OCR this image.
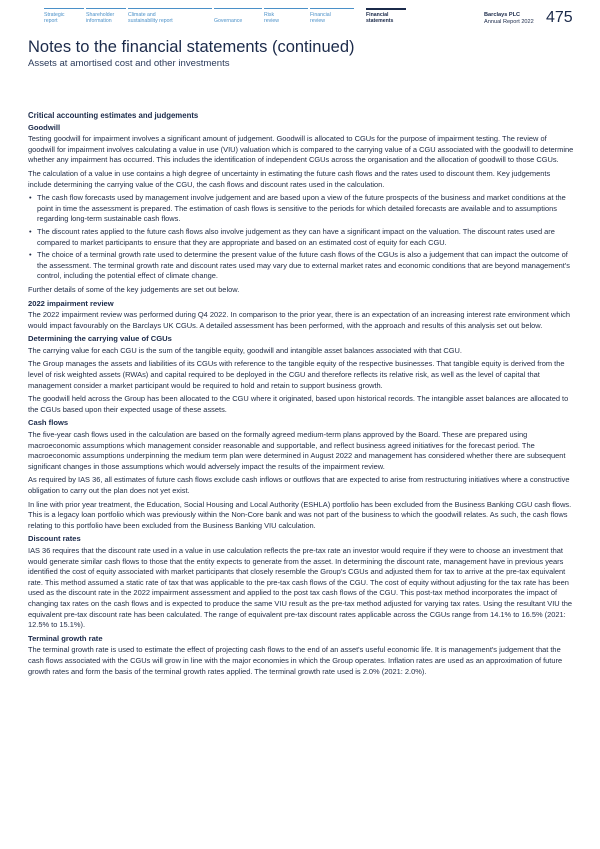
Strategic
report
Shareholder
information
Climate and
sustainability report
	Governance
Risk
review
Financial
review
Financial
statements
Barclays PLC
Annual Report 2022 475
Notes to the financial statements (continued)
Assets at amortised cost and other investments
Critical accounting estimates and judgements
Goodwill

Testing goodwill for impairment involves a significant amount of judgement. Goodwill is allocated to CGUs for the purpose of impairment testing. The review of goodwill for impairment involves calculating a value in use (VIU) valuation which is compared to the carrying value of a CGU associated with the goodwill to determine whether any impairment has occurred. This includes the identification of independent CGUs across the organisation and the allocation of goodwill to those CGUs.

The calculation of a value in use contains a high degree of uncertainty in estimating the future cash flows and the rates used to discount them. Key judgements include determining the carrying value of the CGU, the cash flows and discount rates used in the calculation.

• The cash flow forecasts used by management involve judgement and are based upon a view of the future prospects of the business and market conditions at the point in time the assessment is prepared. The estimation of cash flows is sensitive to the periods for which detailed forecasts are available and to assumptions regarding long-term sustainable cash flows.
• The discount rates applied to the future cash flows also involve judgement as they can have a significant impact on the valuation. The discount rates used are compared to market participants to ensure that they are appropriate and based on an estimated cost of equity for each CGU.
• The choice of a terminal growth rate used to determine the present value of the future cash flows of the CGUs is also a judgement that can impact the outcome of the assessment. The terminal growth rate and discount rates used may vary due to external market rates and economic conditions that are beyond management's control, including the potential effect of climate change.

Further details of some of the key judgements are set out below.

2022 impairment review

The 2022 impairment review was performed during Q4 2022. In comparison to the prior year, there is an expectation of an increasing interest rate environment which would impact favourably on the Barclays UK CGUs. A detailed assessment has been performed, with the approach and results of this analysis set out below.

Determining the carrying value of CGUs

The carrying value for each CGU is the sum of the tangible equity, goodwill and intangible asset balances associated with that CGU.

The Group manages the assets and liabilities of its CGUs with reference to the tangible equity of the respective businesses. That tangible equity is derived from the level of risk weighted assets (RWAs) and capital required to be deployed in the CGU and therefore reflects its relative risk, as well as the level of capital that management consider a market participant would be required to hold and retain to support business growth.

The goodwill held across the Group has been allocated to the CGU where it originated, based upon historical records. The intangible asset balances are allocated to the CGUs based upon their expected usage of these assets.

Cash flows

The five-year cash flows used in the calculation are based on the formally agreed medium-term plans approved by the Board. These are prepared using macroeconomic assumptions which management consider reasonable and supportable, and reflect business agreed initiatives for the forecast period. The macroeconomic assumptions underpinning the medium term plan were determined in August 2022 and management has considered whether there are subsequent significant changes in those assumptions which would adversely impact the results of the impairment review.

As required by IAS 36, all estimates of future cash flows exclude cash inflows or outflows that are expected to arise from restructuring initiatives where a constructive obligation to carry out the plan does not yet exist.

In line with prior year treatment, the Education, Social Housing and Local Authority (ESHLA) portfolio has been excluded from the Business Banking CGU cash flows. This is a legacy loan portfolio which was previously within the Non-Core bank and was not part of the business to which the goodwill relates. As such, the cash flows relating to this portfolio have been excluded from the Business Banking VIU calculation.

Discount rates

IAS 36 requires that the discount rate used in a value in use calculation reflects the pre-tax rate an investor would require if they were to choose an investment that would generate similar cash flows to those that the entity expects to generate from the asset. In determining the discount rate, management have in previous years identified the cost of equity associated with market participants that closely resemble the Group's CGUs and adjusted them for tax to arrive at the pre-tax equivalent rate. This method assumed a static rate of tax that was applicable to the pre-tax cash flows of the CGU. The cost of equity without adjusting for the tax rate has been used as the discount rate in the 2022 impairment assessment and applied to the post tax cash flows of the CGU. This post-tax method incorporates the impact of changing tax rates on the cash flows and is expected to produce the same VIU result as the pre-tax method adjusted for varying tax rates. Using the resultant VIU the equivalent pre-tax discount rate has been calculated. The range of equivalent pre-tax discount rates applicable across the CGUs range from 14.1% to 16.5% (2021: 12.5% to 15.1%).

Terminal growth rate

The terminal growth rate is used to estimate the effect of projecting cash flows to the end of an asset's useful economic life. It is management's judgement that the cash flows associated with the CGUs will grow in line with the major economies in which the Group operates. Inflation rates are used as an approximation of future growth rates and form the basis of the terminal growth rates applied. The terminal growth rate used is 2.0% (2021: 2.0%).
